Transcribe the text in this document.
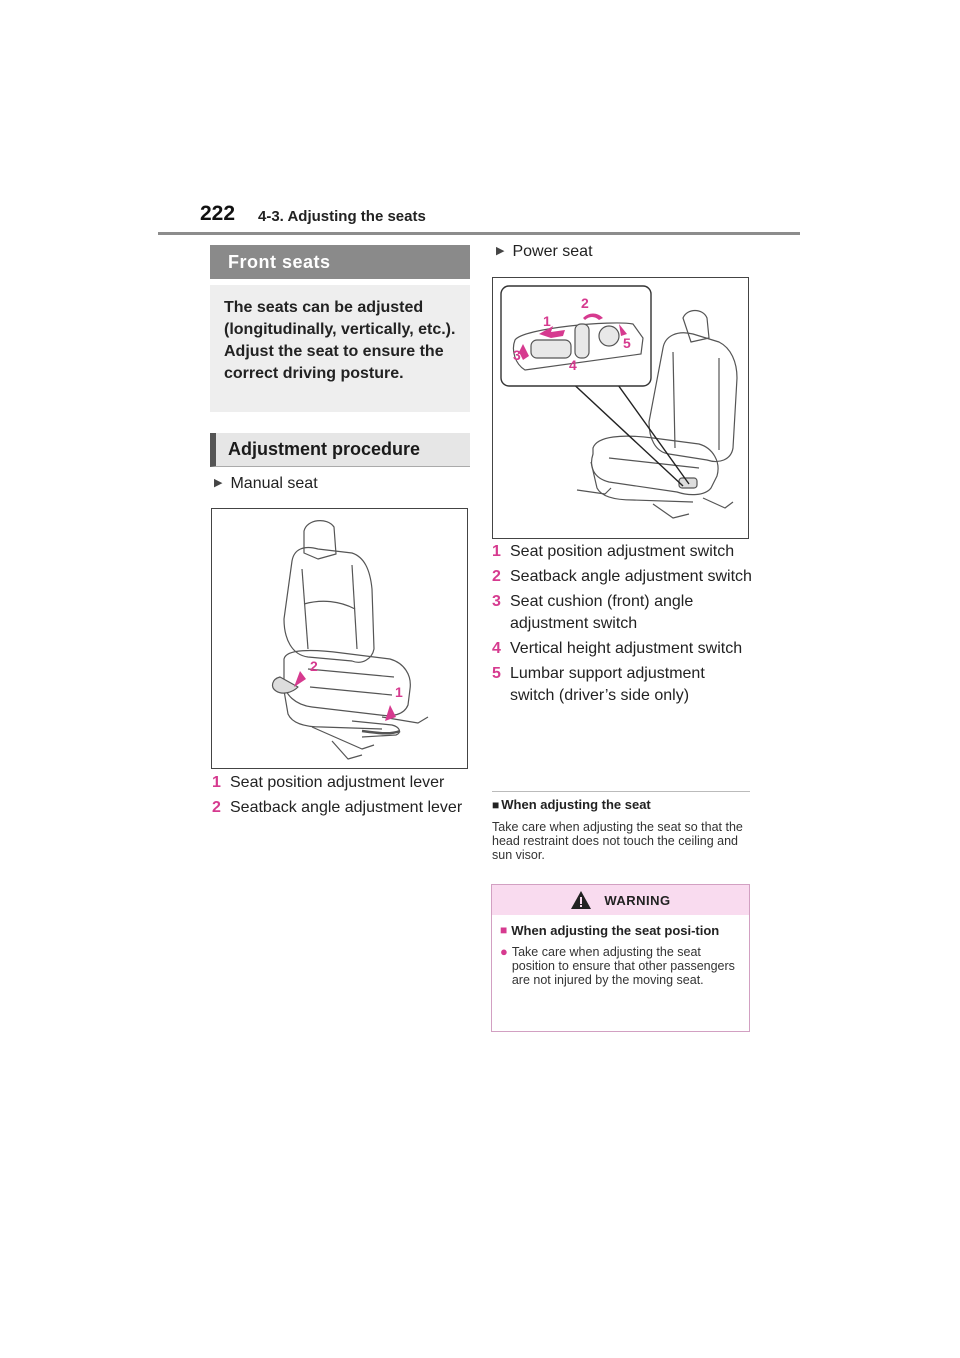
222 4-3. Adjusting the seats
Front seats
The seats can be adjusted (longitudinally, vertically, etc.). Adjust the seat to ensure the correct driving posture.
Adjustment procedure
▶ Manual seat
2
1
1 Seat position adjustment lever
2 Seatback angle adjustment lever
▶ Power seat
2
1
3
4
5
1 Seat position adjustment switch
2 Seatback angle adjustment switch
3 Seat cushion (front) angle adjustment switch
4 Vertical height adjustment switch
5 Lumbar support adjustment switch (driver’s side only)
■ When adjusting the seat
Take care when adjusting the seat so that the head restraint does not touch the ceiling and sun visor.
WARNING
■ When adjusting the seat posi-tion
● Take care when adjusting the seat position to ensure that other passengers are not injured by the moving seat.
